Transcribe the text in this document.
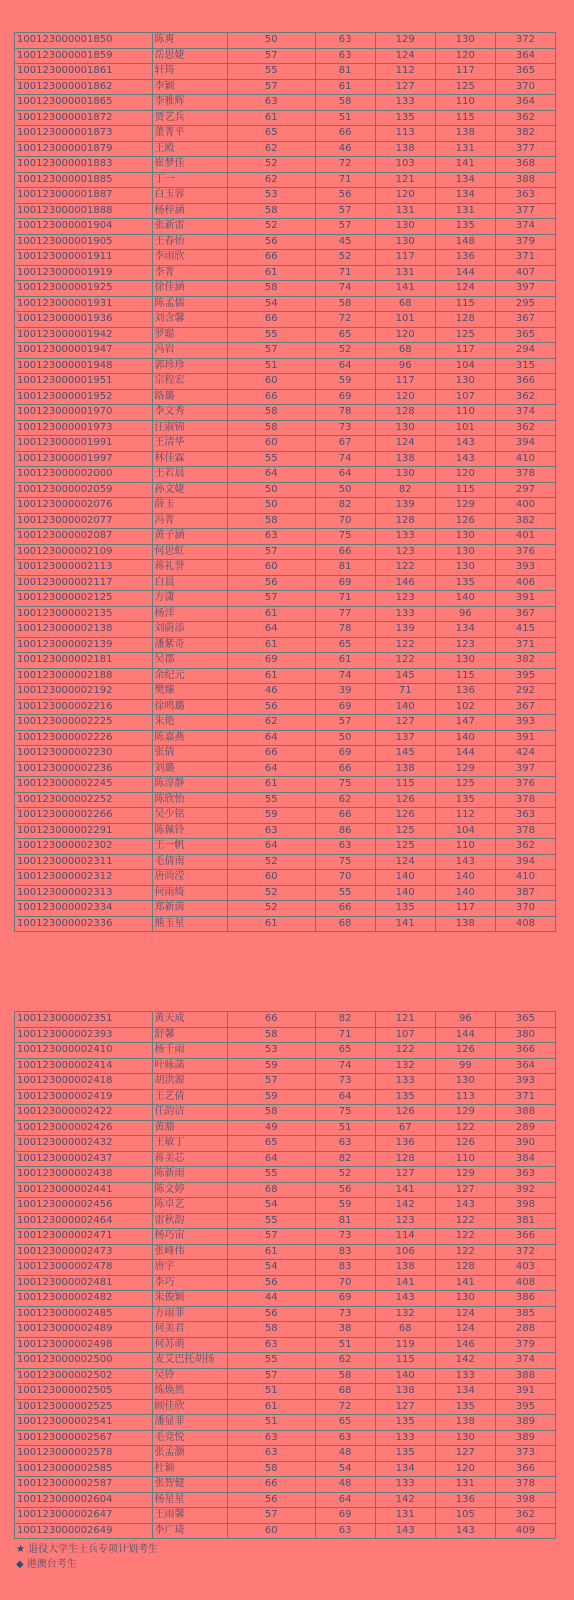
100123000001850	陈爽	50	63	129	130	372
100123000001859	岳思婕	57	63	124	120	364
100123000001861	轩筠	55	81	112	117	365
100123000001862	李颖	57	61	127	125	370
100123000001865	李雅辉	63	58	133	110	364
100123000001872	贾艺兵	61	51	135	115	362
100123000001873	董菁平	65	66	113	138	382
100123000001879	王殿	62	46	138	131	377
100123000001883	崔梦佳	52	72	103	141	368
100123000001885	丁一	62	71	121	134	388
100123000001887	白玉蓉	53	56	120	134	363
100123000001888	杨梓涵	58	57	131	131	377
100123000001904	张新雷	52	57	130	135	374
100123000001905	王春怡	56	45	130	148	379
100123000001911	李雨欣	66	52	117	136	371
100123000001919	李菁	61	71	131	144	407
100123000001925	徐佳涵	58	74	141	124	397
100123000001931	陈孟儒	54	58	68	115	295
100123000001936	刘含馨	66	72	101	128	367
100123000001942	罗聪	55	65	120	125	365
100123000001947	冯岩	57	52	68	117	294
100123000001948	郭珍珍	51	64	96	104	315
100123000001951	宗程宏	60	59	117	130	366
100123000001952	路璐	66	69	120	107	362
100123000001970	李文秀	58	78	128	110	374
100123000001973	汪淑锦	58	73	130	101	362
100123000001991	王清华	60	67	124	143	394
100123000001997	林佳霖	55	74	138	143	410
100123000002000	王若晨	64	64	130	120	378
100123000002059	孙文婕	50	50	82	115	297
100123000002076	薛玉	50	82	139	129	400
100123000002077	冯菁	58	70	128	126	382
100123000002087	黄子涵	63	75	133	130	401
100123000002109	何思虹	57	66	123	130	376
100123000002113	蒋礼誉	60	81	122	130	393
100123000002117	白晨	56	69	146	135	406
100123000002125	方潇	57	71	123	140	391
100123000002135	杨洋	61	77	133	96	367
100123000002138	刘蔚添	64	78	139	134	415
100123000002139	潘紫奇	61	65	122	123	371
100123000002181	吴郡	69	61	122	130	382
100123000002188	余纪元	61	74	145	115	395
100123000002192	樊臻	46	39	71	136	292
100123000002216	徐鸣璐	56	69	140	102	367
100123000002225	朱艳	62	57	127	147	393
100123000002226	陈嘉燕	64	50	137	140	391
100123000002230	张倩	66	69	145	144	424
100123000002236	刘璐	64	66	138	129	397
100123000002245	陈淳静	61	75	115	125	376
100123000002252	陈欣怡	55	62	126	135	378
100123000002266	吴少铭	59	66	126	112	363
100123000002291	陈佩铃	63	86	125	104	378
100123000002302	王一帆	64	63	125	110	362
100123000002311	毛倩南	52	75	124	143	394
100123000002312	唐尚滢	60	70	140	140	410
100123000002313	何雨绮	52	55	140	140	387
100123000002334	郑新茵	52	66	135	117	370
100123000002336	熊玉星	61	68	141	138	408
100123000002351	黄天成	66	82	121	96	365
100123000002393	舒馨	58	71	107	144	380
100123000002410	杨千雨	53	65	122	126	366
100123000002414	叶咏菡	59	74	132	99	364
100123000002418	胡洪源	57	73	133	130	393
100123000002419	王艺倩	59	64	135	113	371
100123000002422	任韵洁	58	75	126	129	388
100123000002426	黄豁	49	51	67	122	289
100123000002432	王敏丁	65	63	136	126	390
100123000002437	蒋美芯	64	82	128	110	384
100123000002438	陈新雨	55	52	127	129	363
100123000002441	陈文婷	68	56	141	127	392
100123000002456	陈卓艺	54	59	142	143	398
100123000002464	雷秋韵	55	81	123	122	381
100123000002471	杨巧宙	57	73	114	122	366
100123000002473	张峰伟	61	83	106	122	372
100123000002478	唐宇	54	83	138	128	403
100123000002481	李巧	56	70	141	141	408
100123000002482	朱俊颖	44	69	143	130	386
100123000002485	方雨菲	56	73	132	124	385
100123000002489	何美君	58	38	68	124	288
100123000002498	何苏萌	63	51	119	146	379
100123000002500	麦艾巴托胡扬	55	62	115	142	374
100123000002502	吴铃	57	58	140	133	388
100123000002505	练焕然	51	68	138	134	391
100123000002525	顾佳欣	61	72	127	135	395
100123000002541	潘显菲	51	65	135	138	389
100123000002567	毛竞悦	63	63	133	130	389
100123000002578	张孟灏	63	48	135	127	373
100123000002585	杜颖	58	54	134	120	366
100123000002587	张智健	66	48	133	131	378
100123000002604	杨星星	56	64	142	136	398
100123000002647	王雨馨	57	69	131	105	362
100123000002649	李广琦	60	63	143	143	409
★ 退役大学生士兵专项计划考生
◆ 港澳台考生
